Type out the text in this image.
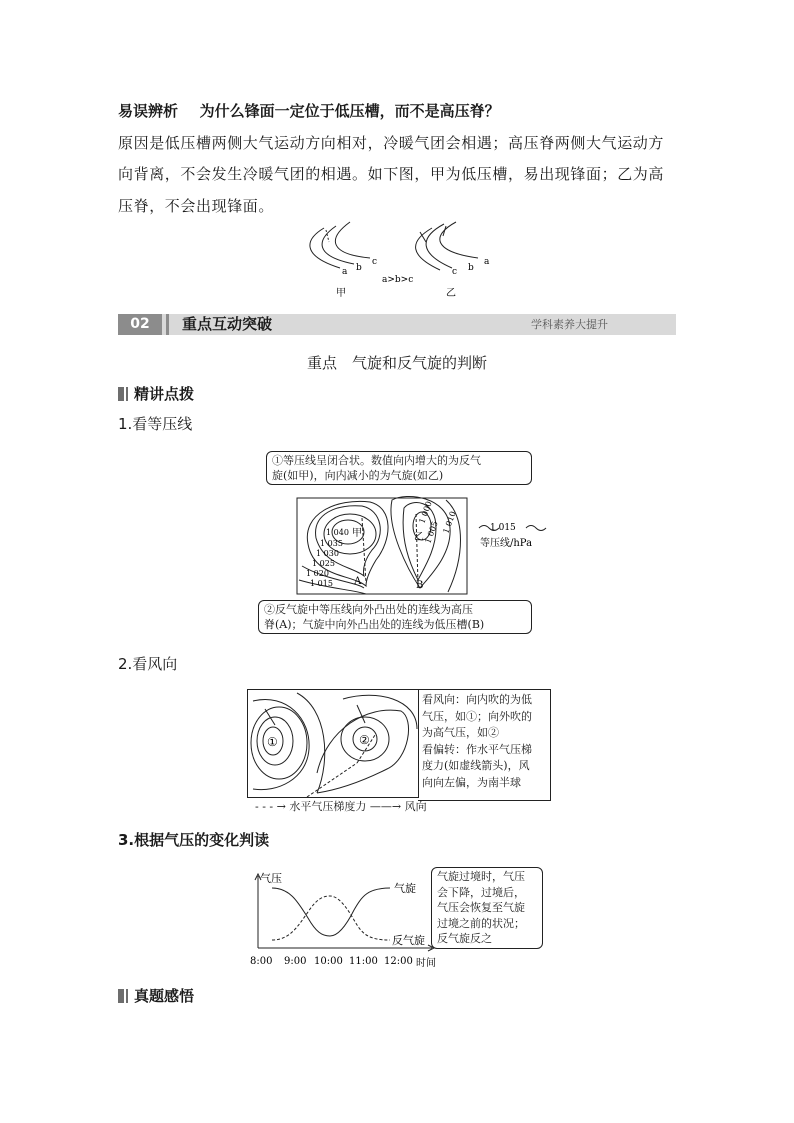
易误辨析 为什么锋面一定位于低压槽，而不是高压脊？
原因是低压槽两侧大气运动方向相对，冷暖气团会相遇；高压脊两侧大气运动方
向背离，不会发生冷暖气团的相遇。如下图，甲为低压槽，易出现锋面；乙为高
压脊，不会出现锋面。
a b
c
a>b>c
c b
a
甲	乙
02	重点互动突破	学科素养大提升
重点　气旋和反气旋的判断
精讲点拨
1.看等压线
①等压线呈闭合状。数值向内增大的为反气
旋(如甲)，向内减小的为气旋(如乙)
甲
1 040
1 035
1 030
1 025
1 020
1 015 A
乙
1 000
1 005 1 010
B
1 015
等压线/hPa
②反气旋中等压线向外凸出处的连线为高压
脊(A)；气旋中向外凸出处的连线为低压槽(B)
2.看风向
①	②
看风向：向内吹的为低
气压，如①；向外吹的
为高气压，如②
看偏转：作水平气压梯
度力(如虚线箭头)，风
向向左偏，为南半球
- - - → 水平气压梯度力 ——→ 风向
3.根据气压的变化判读
气压
气旋
反气旋
8:00 9:00 10:00 11:00 12:00 时间
气旋过境时，气压
会下降，过境后，
气压会恢复至气旋
过境之前的状况；
反气旋反之
真题感悟
